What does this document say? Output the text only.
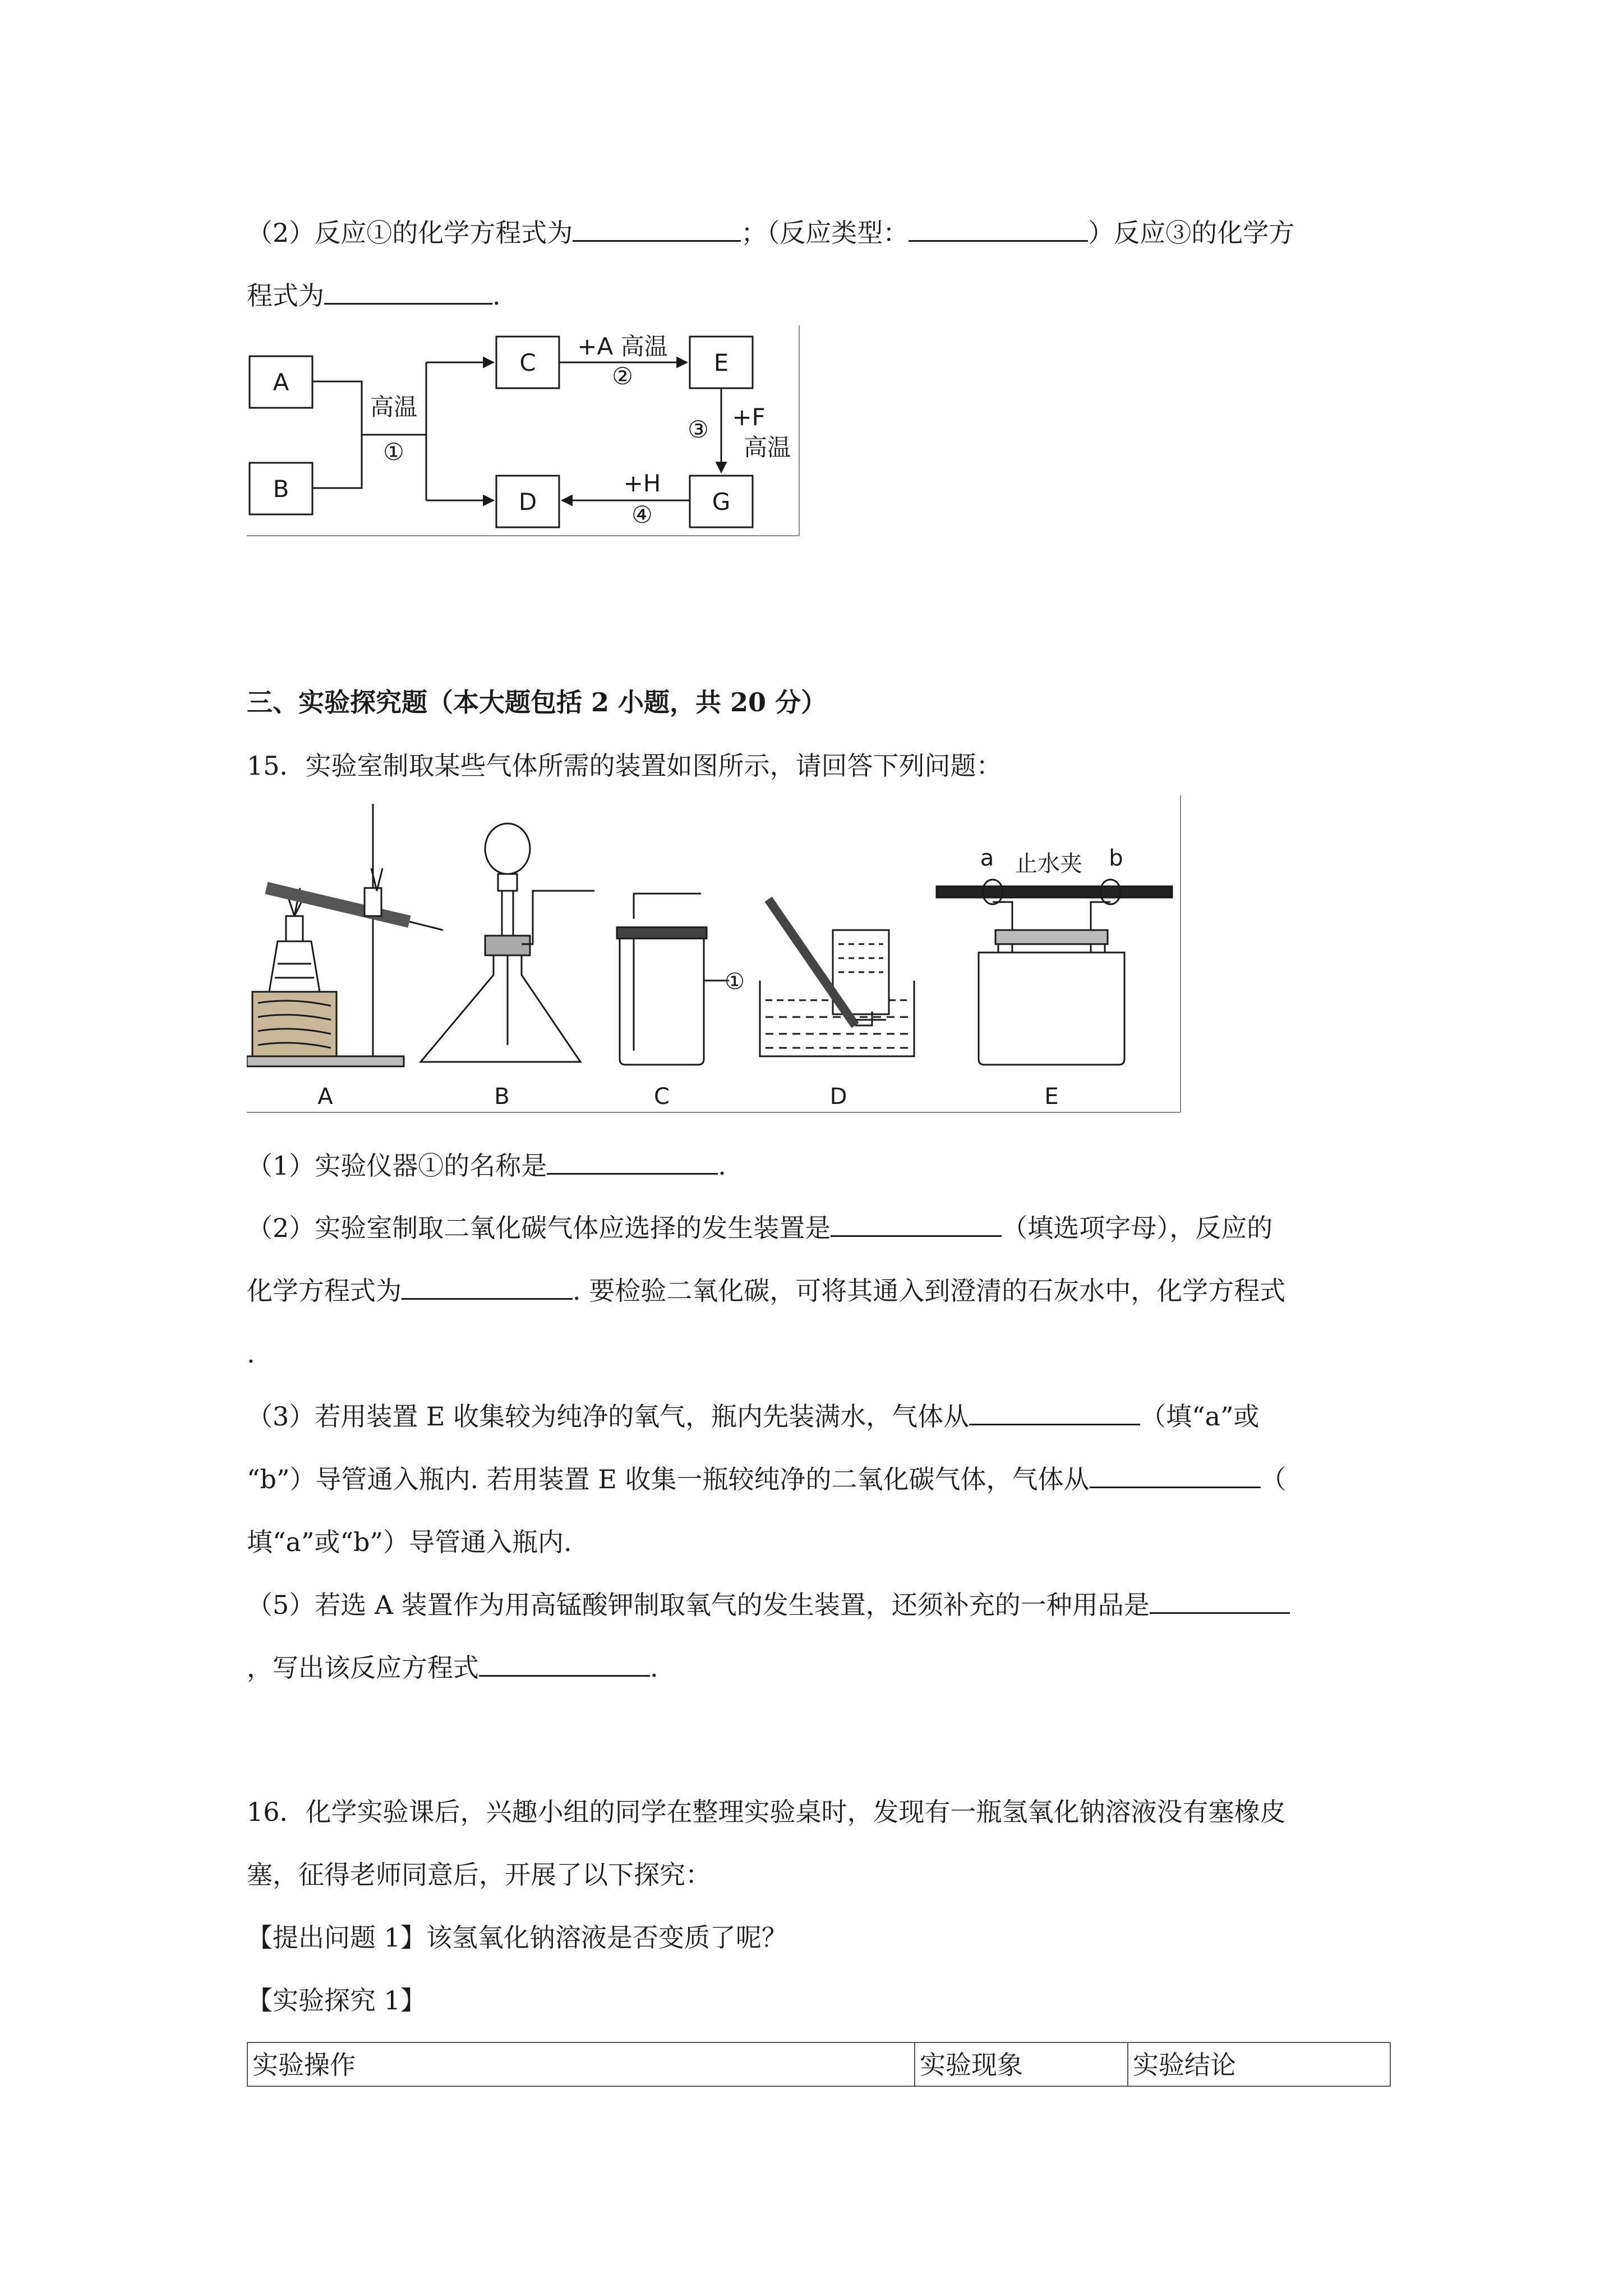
（2）反应①的化学方程式为	；（反应类型：	）反应③的化学方
程式为	.
A
B
C
D
E
G
高温
①
+A 高温
②
③ +F
高温
+H
④
三、实验探究题（本大题包括 2 小题，共 20 分）
15．实验室制取某些气体所需的装置如图所示，请回答下列问题：
①
a 止水夹 b
A	B	C	D	E
（1）实验仪器①的名称是	.
（2）实验室制取二氧化碳气体应选择的发生装置是	（填选项字母），反应的
化学方程式为	. 要检验二氧化碳，可将其通入到澄清的石灰水中，化学方程式
.
（3）若用装置 E 收集较为纯净的氧气，瓶内先装满水，气体从	（填“a”或
“b”）导管通入瓶内. 若用装置 E 收集一瓶较纯净的二氧化碳气体，气体从	（
填“a”或“b”）导管通入瓶内.
（5）若选 A 装置作为用高锰酸钾制取氧气的发生装置，还须补充的一种用品是
，写出该反应方程式	.
16．化学实验课后，兴趣小组的同学在整理实验桌时，发现有一瓶氢氧化钠溶液没有塞橡皮
塞，征得老师同意后，开展了以下探究：
【提出问题 1】该氢氧化钠溶液是否变质了呢？
【实验探究 1】
实验操作	实验现象	实验结论
